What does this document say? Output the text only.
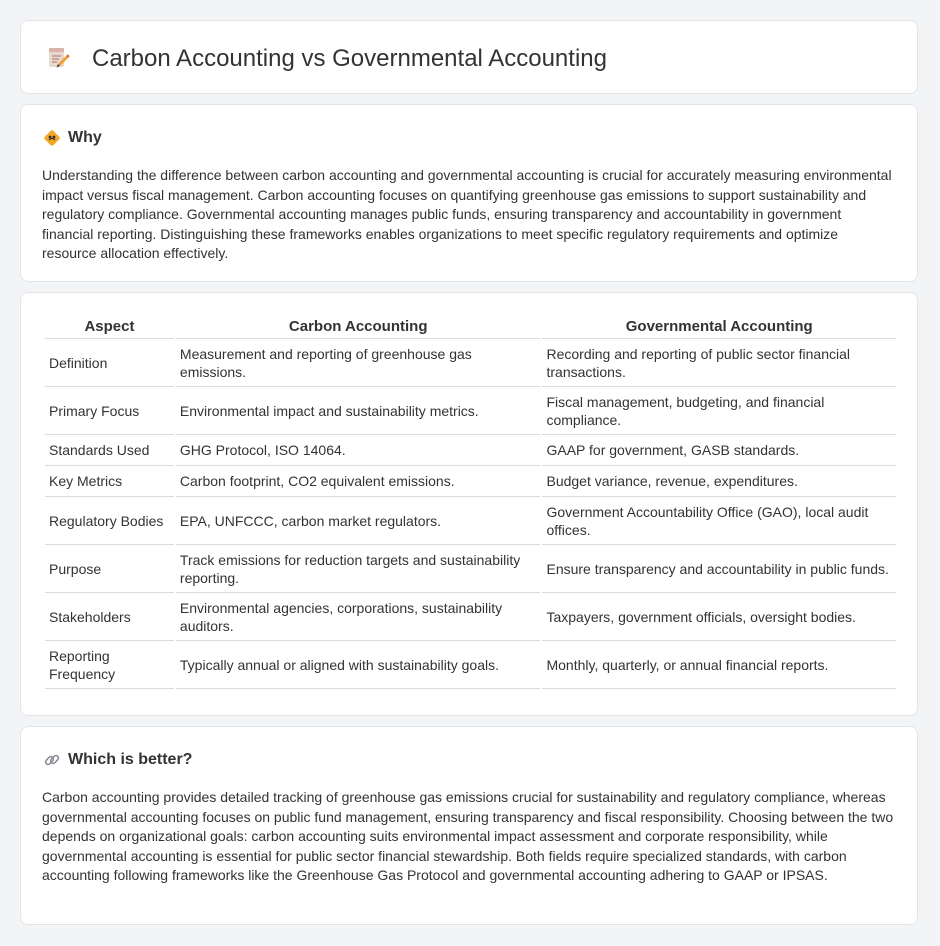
Carbon Accounting vs Governmental Accounting
Why

Understanding the difference between carbon accounting and governmental accounting is crucial for accurately measuring environmental impact versus fiscal management. Carbon accounting focuses on quantifying greenhouse gas emissions to support sustainability and regulatory compliance. Governmental accounting manages public funds, ensuring transparency and accountability in government financial reporting. Distinguishing these frameworks enables organizations to meet specific regulatory requirements and optimize resource allocation effectively.

Aspect	Carbon Accounting	Governmental Accounting
Definition	Measurement and reporting of greenhouse gas emissions.	Recording and reporting of public sector financial transactions.
Primary Focus	Environmental impact and sustainability metrics.	Fiscal management, budgeting, and financial compliance.
Standards Used	GHG Protocol, ISO 14064.	GAAP for government, GASB standards.
Key Metrics	Carbon footprint, CO2 equivalent emissions.	Budget variance, revenue, expenditures.
Regulatory Bodies	EPA, UNFCCC, carbon market regulators.	Government Accountability Office (GAO), local audit offices.
Purpose	Track emissions for reduction targets and sustainability reporting.	Ensure transparency and accountability in public funds.
Stakeholders	Environmental agencies, corporations, sustainability auditors.	Taxpayers, government officials, oversight bodies.
Reporting Frequency	Typically annual or aligned with sustainability goals.	Monthly, quarterly, or annual financial reports.
Which is better?

Carbon accounting provides detailed tracking of greenhouse gas emissions crucial for sustainability and regulatory compliance, whereas governmental accounting focuses on public fund management, ensuring transparency and fiscal responsibility. Choosing between the two depends on organizational goals: carbon accounting suits environmental impact assessment and corporate responsibility, while governmental accounting is essential for public sector financial stewardship. Both fields require specialized standards, with carbon accounting following frameworks like the Greenhouse Gas Protocol and governmental accounting adhering to GAAP or IPSAS.
